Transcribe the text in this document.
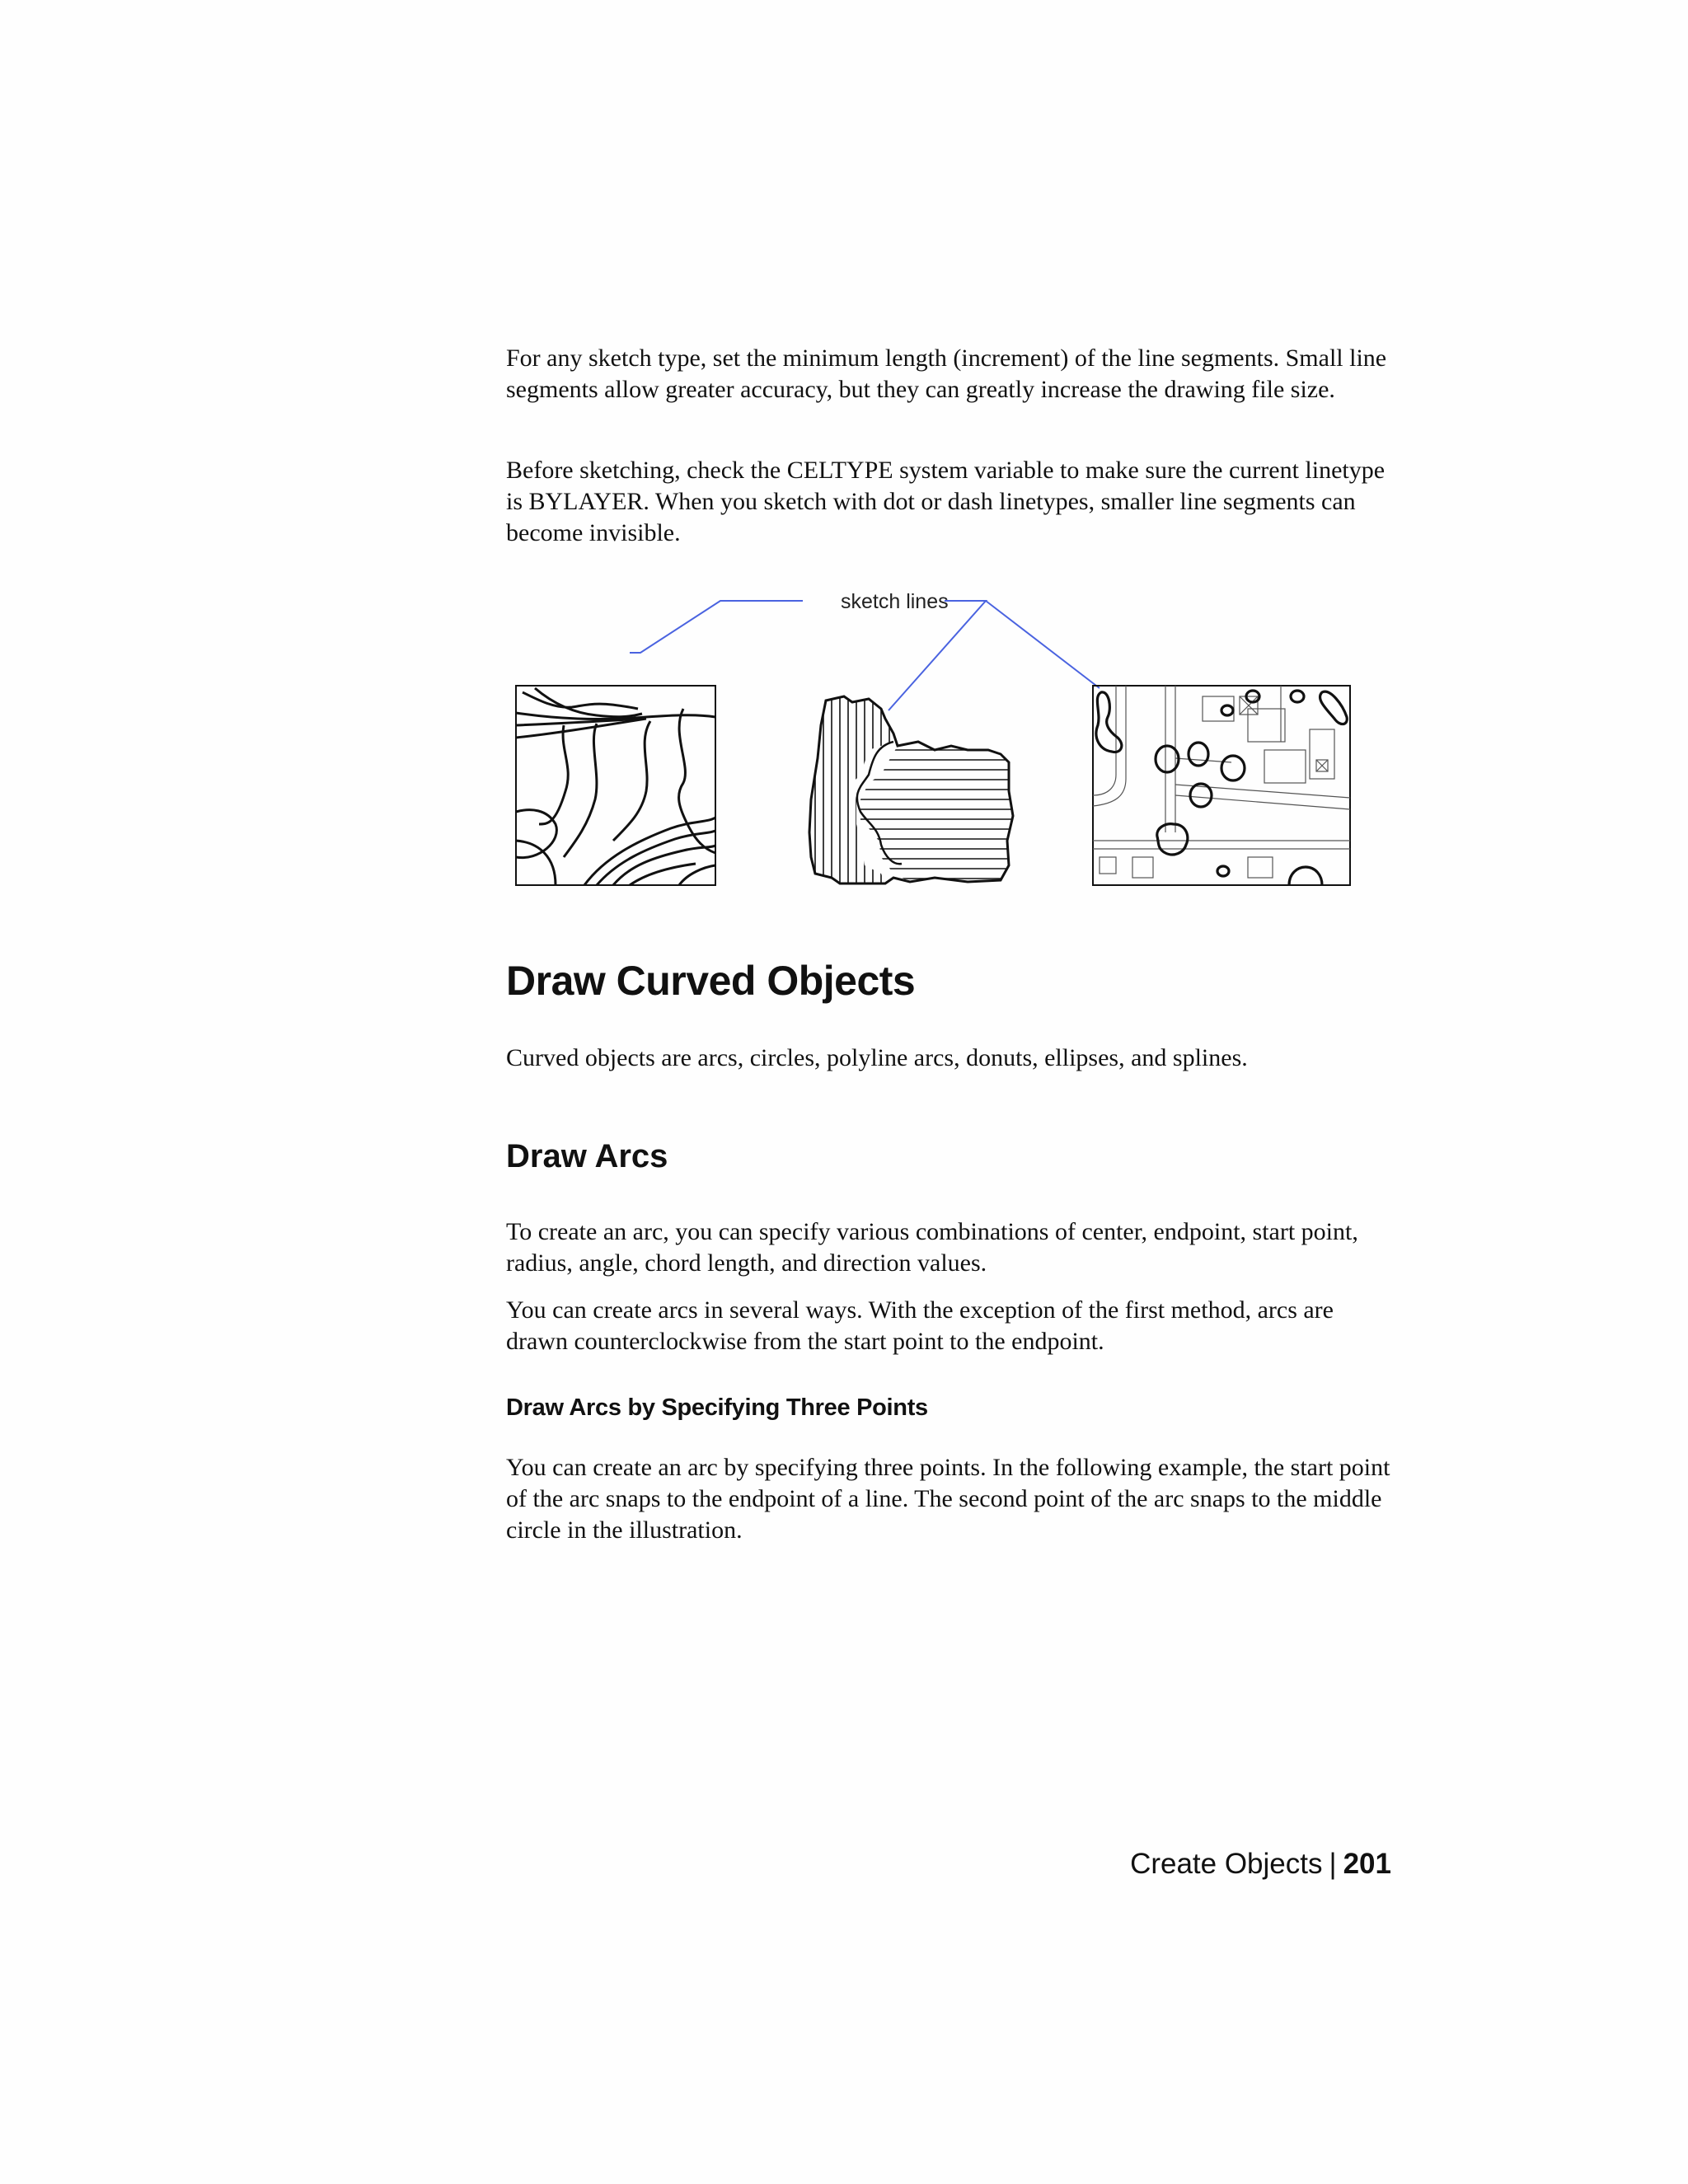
For any sketch type, set the minimum length (increment) of the line segments. Small line segments allow greater accuracy, but they can greatly increase the drawing file size.

Before sketching, check the CELTYPE system variable to make sure the current linetype is BYLAYER. When you sketch with dot or dash linetypes, smaller line segments can become invisible.

sketch lines
Draw Curved Objects

Curved objects are arcs, circles, polyline arcs, donuts, ellipses, and splines.

Draw Arcs

To create an arc, you can specify various combinations of center, endpoint, start point, radius, angle, chord length, and direction values.

You can create arcs in several ways. With the exception of the first method, arcs are drawn counterclockwise from the start point to the endpoint.

Draw Arcs by Specifying Three Points

You can create an arc by specifying three points. In the following example, the start point of the arc snaps to the endpoint of a line. The second point of the arc snaps to the middle circle in the illustration.

Create Objects | 201
